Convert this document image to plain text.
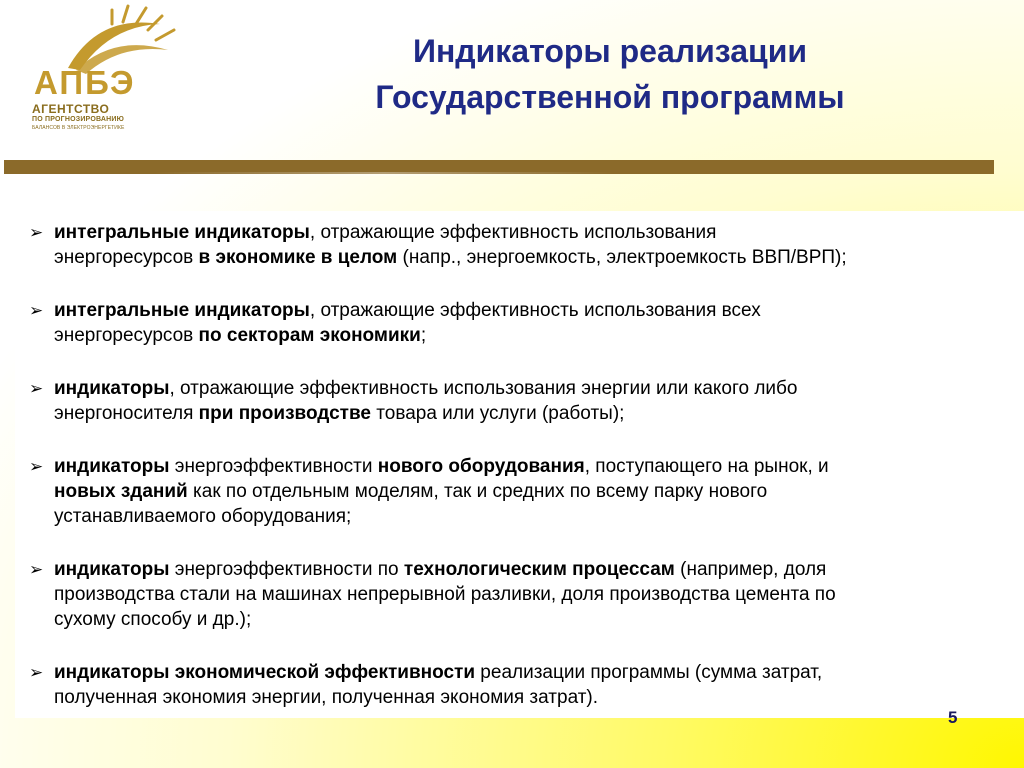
АПБЭ
АГЕНТСТВО
ПО ПРОГНОЗИРОВАНИЮ
БАЛАНСОВ В ЭЛЕКТРОЭНЕРГЕТИКЕ
Индикаторы реализации
Государственной программы
➢ интегральные индикаторы, отражающие эффективность использования
энергоресурсов в экономике в целом (напр., энергоемкость, электроемкость ВВП/ВРП);
➢ интегральные индикаторы, отражающие эффективность использования всех
энергоресурсов по секторам экономики;
➢ индикаторы, отражающие эффективность использования энергии или какого либо
энергоносителя при производстве товара или услуги (работы);
➢ индикаторы энергоэффективности нового оборудования, поступающего на рынок, и
новых зданий как по отдельным моделям, так и средних по всему парку нового
устанавливаемого оборудования;
➢ индикаторы энергоэффективности по технологическим процессам (например, доля
производства стали на машинах непрерывной разливки, доля производства цемента по
сухому способу и др.);
➢ индикаторы экономической эффективности реализации программы (сумма затрат,
полученная экономия энергии, полученная экономия затрат).
5
